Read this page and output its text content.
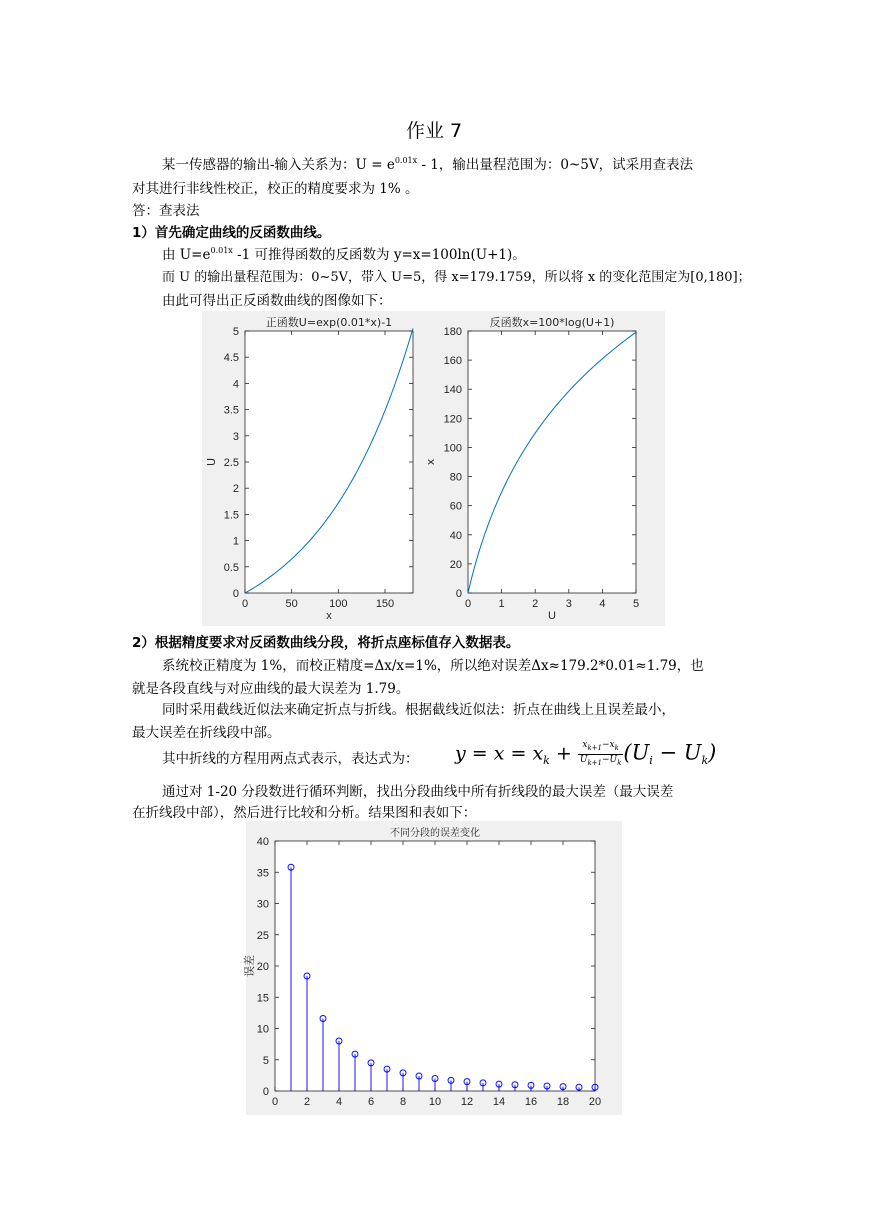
作业 7
某一传感器的输出-输入关系为：$U = e^{0.01x} - 1$，输出量程范围为：0~5V，试采用查表法
对其进行非线性校正，校正的精度要求为 1% 。
答：查表法
1）首先确定曲线的反函数曲线。
由 $U=e^{0.01x}$ -1 可推得函数的反函数为 y=x=100ln(U+1)。
而 U 的输出量程范围为：0~5V，带入 U=5，得 x=179.1759，所以将 x 的变化范围定为[0,180]；
由此可得出正反函数曲线的图像如下：
0	50	100	150
0
0.5
1
1.5
2
2.5
3
3.5
4
4.5
5
正函数U=exp(0.01*x)-1
x
U
0 1 2 3 4 5
0
20
40
60
80
100
120
140
160
180
反函数x=100*log(U+1)
U
x
2）根据精度要求对反函数曲线分段，将折点座标值存入数据表。
系统校正精度为 1%，而校正精度=Δx/x=1%，所以绝对误差Δx≈179.2*0.01≈1.79，也
就是各段直线与对应曲线的最大误差为 1.79。
同时采用截线近似法来确定折点与折线。根据截线近似法：折点在曲线上且误差最小，
最大误差在折线段中部。
其中折线的方程用两点式表示，表达式为： $y = x = x_k + \frac{x_{k+1}-x_k}{U_{k+1}-U_k} (U_i - U_k)$
通过对 1-20 分段数进行循环判断，找出分段曲线中所有折线段的最大误差（最大误差
在折线段中部），然后进行比较和分析。结果图和表如下：
0 2 4 6 8 10 12 14 16 18 20
0
5
10
15
20
25
30
35
40
不同分段的误差变化
误差
